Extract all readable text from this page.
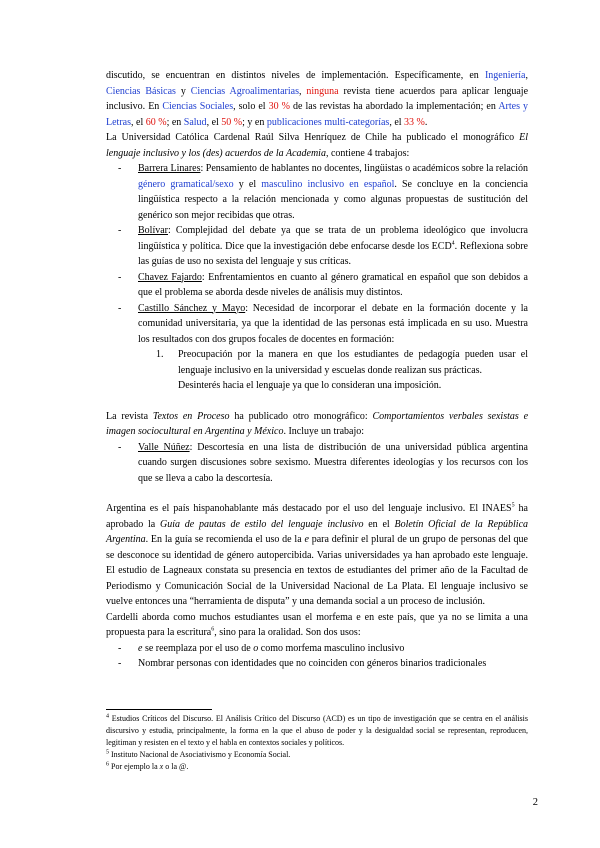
discutido, se encuentran en distintos niveles de implementación. Específicamente, en Ingeniería, Ciencias Básicas y Ciencias Agroalimentarias, ninguna revista tiene acuerdos para aplicar lenguaje inclusivo. En Ciencias Sociales, solo el 30 % de las revistas ha abordado la implementación; en Artes y Letras, el 60 %; en Salud, el 50 %; y en publicaciones multi-categorías, el 33 %.

La Universidad Católica Cardenal Raúl Silva Henríquez de Chile ha publicado el monográfico El lenguaje inclusivo y los (des) acuerdos de la Academia, contiene 4 trabajos:

- Barrera Linares: Pensamiento de hablantes no docentes, lingüistas o académicos sobre la relación género gramatical/sexo y el masculino inclusivo en español. Se concluye en la conciencia lingüística respecto a la relación mencionada y como algunas propuestas de sustitución del genérico son mejor recibidas que otras.
- Bolívar: Complejidad del debate ya que se trata de un problema ideológico que involucra lingüística y política. Dice que la investigación debe enfocarse desde los ECD$^4$. Reflexiona sobre las guías de uso no sexista del lenguaje y sus críticas.
- Chavez Fajardo: Enfrentamientos en cuanto al género gramatical en español que son debidos a que el problema se aborda desde niveles de análisis muy distintos.
- Castillo Sánchez y Mayo: Necesidad de incorporar el debate en la formación docente y la comunidad universitaria, ya que la identidad de las personas está implicada en su uso. Muestra los resultados con dos grupos focales de docentes en formación:
1. Preocupación por la manera en que los estudiantes de pedagogía pueden usar el lenguaje inclusivo en la universidad y escuelas donde realizan sus prácticas.

Desinterés hacia el lenguaje ya que lo consideran una imposición.

La revista Textos en Proceso ha publicado otro monográfico: Comportamientos verbales sexistas e imagen sociocultural en Argentina y México. Incluye un trabajo:

- Valle Núñez: Descortesía en una lista de distribución de una universidad pública argentina cuando surgen discusiones sobre sexismo. Muestra diferentes ideologías y los recursos con los que se lleva a cabo la descortesía.

Argentina es el país hispanohablante más destacado por el uso del lenguaje inclusivo. El INAES$^5$ ha aprobado la Guía de pautas de estilo del lenguaje inclusivo en el Boletín Oficial de la República Argentina. En la guía se recomienda el uso de la e para definir el plural de un grupo de personas del que se desconoce su identidad de género autopercibida. Varias universidades ya han aprobado este lenguaje. El estudio de Lagneaux constata su presencia en textos de estudiantes del primer año de la Facultad de Periodismo y Comunicación Social de la Universidad Nacional de La Plata. El lenguaje inclusivo se vuelve entonces una “herramienta de disputa” y una demanda social a un proceso de inclusión.

Cardelli aborda como muchos estudiantes usan el morfema e en este país, que ya no se limita a una propuesta para la escritura$^6$, sino para la oralidad. Son dos usos:

- e se reemplaza por el uso de o como morfema masculino inclusivo
- Nombrar personas con identidades que no coinciden con géneros binarios tradicionales

$^4$ Estudios Críticos del Discurso. El Análisis Crítico del Discurso (ACD) es un tipo de investigación que se centra en el análisis discursivo y estudia, principalmente, la forma en la que el abuso de poder y la desigualdad social se representan, reproducen, legitiman y resisten en el texto y el habla en contextos sociales y políticos.

$^5$ Instituto Nacional de Asociativismo y Economía Social.

$^6$ Por ejemplo la x o la @.

2
